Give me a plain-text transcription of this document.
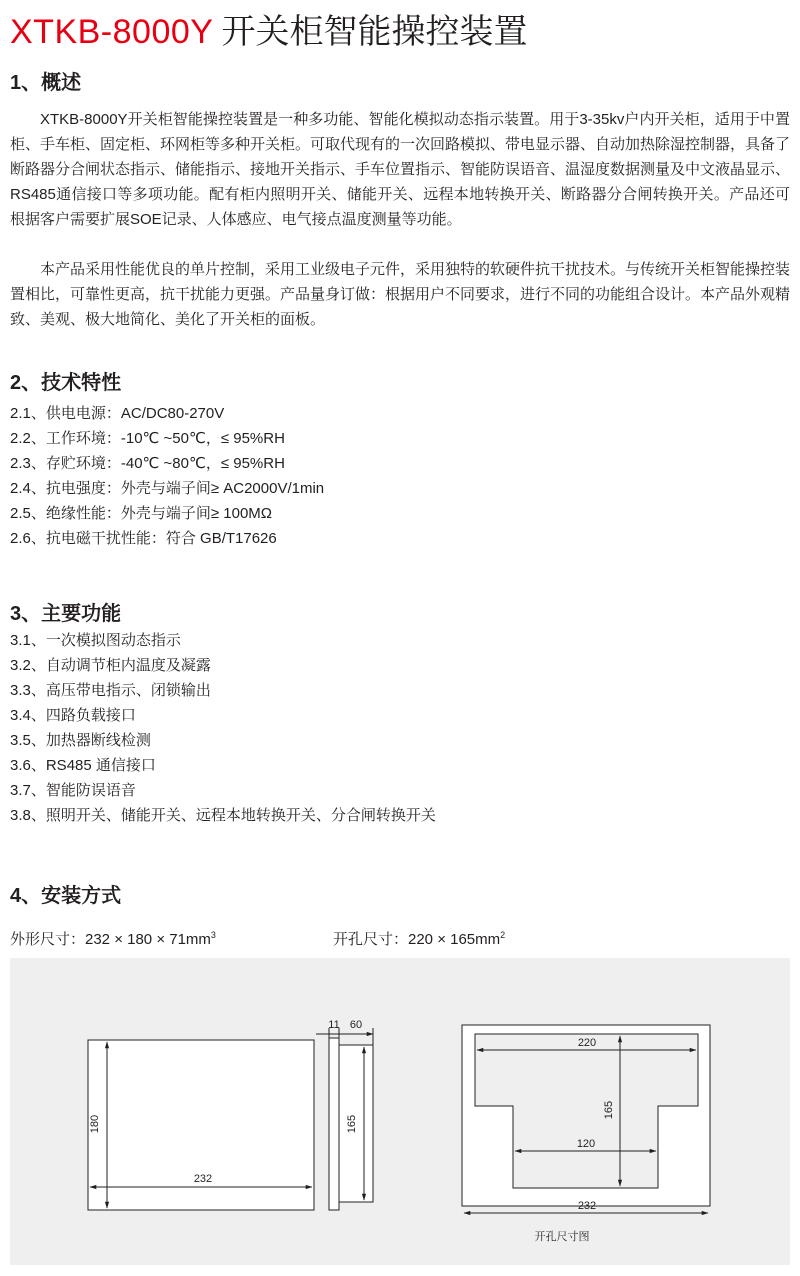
XTKB-8000Y 开关柜智能操控装置
1、概述

XTKB-8000Y开关柜智能操控装置是一种多功能、智能化模拟动态指示装置。用于3-35kv户内开关柜，适用于中置柜、手车柜、固定柜、环网柜等多种开关柜。可取代现有的一次回路模拟、带电显示器、自动加热除湿控制器，具备了断路器分合闸状态指示、储能指示、接地开关指示、手车位置指示、智能防误语音、温湿度数据测量及中文液晶显示、RS485通信接口等多项功能。配有柜内照明开关、储能开关、远程本地转换开关、断路器分合闸转换开关。产品还可根据客户需要扩展SOE记录、人体感应、电气接点温度测量等功能。

本产品采用性能优良的单片控制，采用工业级电子元件，采用独特的软硬件抗干扰技术。与传统开关柜智能操控装置相比，可靠性更高，抗干扰能力更强。产品量身订做：根据用户不同要求，进行不同的功能组合设计。本产品外观精致、美观、极大地简化、美化了开关柜的面板。

2、技术特性
2.1、供电电源：AC/DC80-270V
2.2、工作环境：-10℃ ~50℃，≤ 95%RH
2.3、存贮环境：-40℃ ~80℃，≤ 95%RH
2.4、抗电强度：外壳与端子间≥ AC2000V/1min
2.5、绝缘性能：外壳与端子间≥ 100MΩ
2.6、抗电磁干扰性能：符合 GB/T17626
3、主要功能
3.1、一次模拟图动态指示
3.2、自动调节柜内温度及凝露
3.3、高压带电指示、闭锁输出
3.4、四路负载接口
3.5、加热器断线检测
3.6、RS485 通信接口
3.7、智能防误语音
3.8、照明开关、储能开关、远程本地转换开关、分合闸转换开关
4、安装方式
外形尺寸：$232 \times 180 \times 71mm^3$	开孔尺寸：$220 \times 165mm^2$
180
232
11 60
165
220
165
120
232
开孔尺寸图
